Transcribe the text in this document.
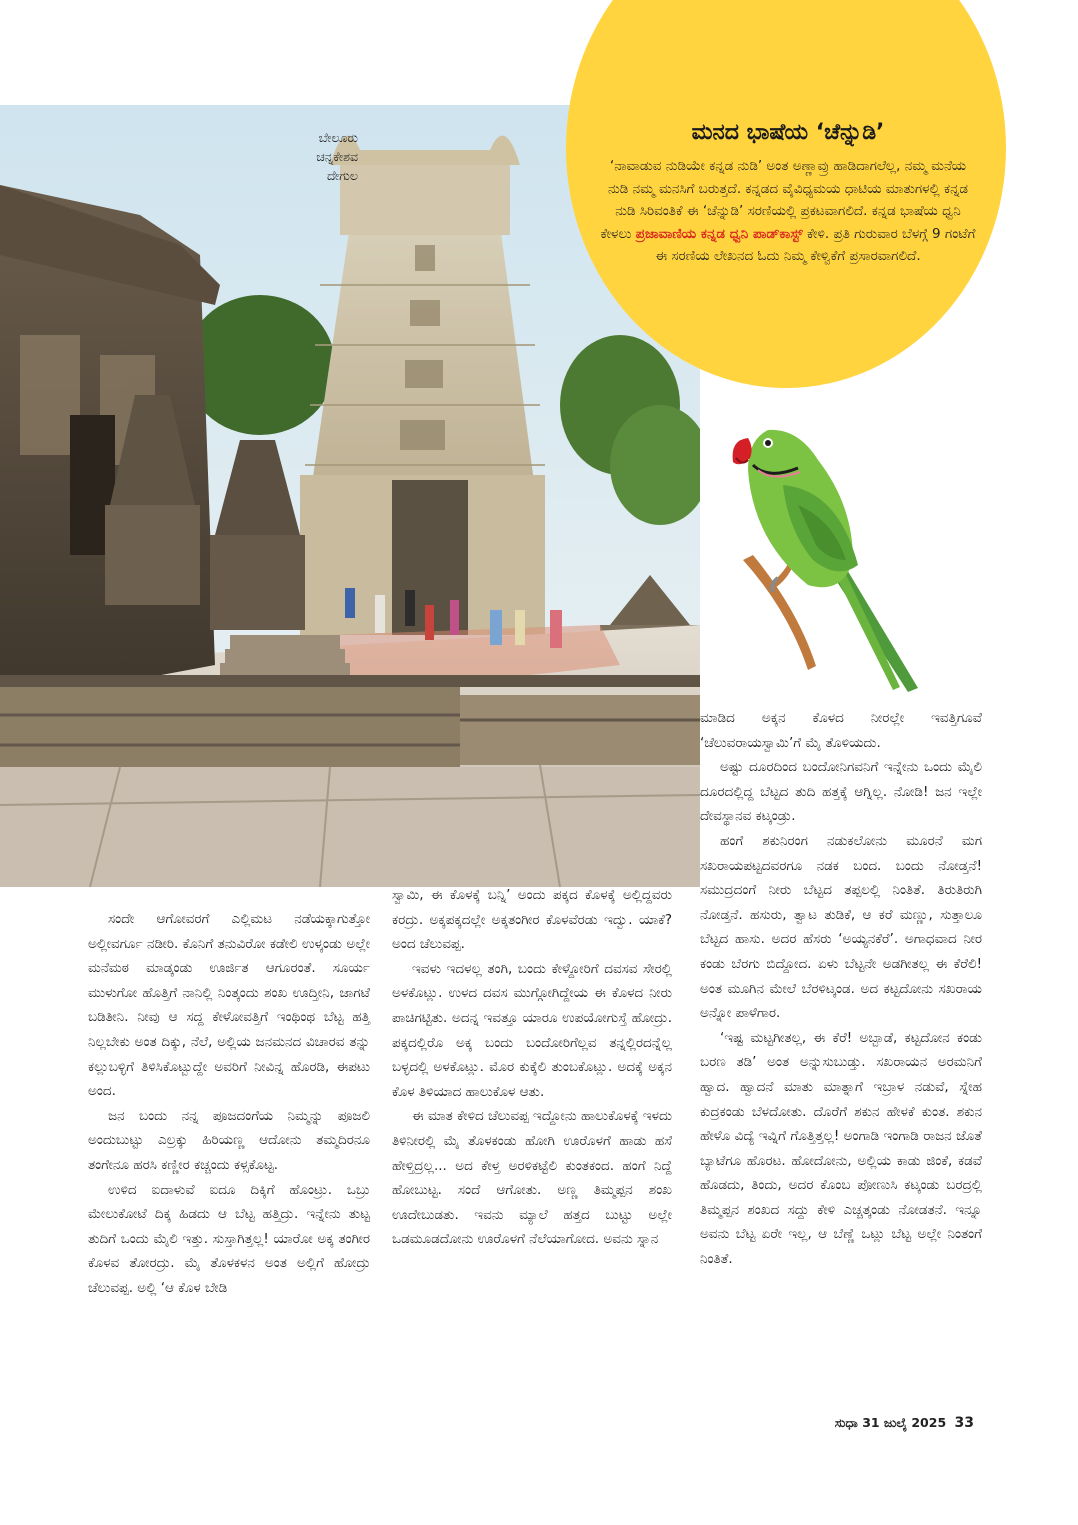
ಬೇಲೂರು
ಚನ್ನಕೇಶವ
ದೇಗುಲ
ಮನದ ಭಾಷೆಯ ‘ಚೆನ್ನುಡಿ’
‘ನಾವಾಡುವ ನುಡಿಯೇ ಕನ್ನಡ ನುಡಿ’ ಅಂತ ಅಣ್ಣಾವ್ರು ಹಾಡಿದಾಗಲೆಲ್ಲ, ನಮ್ಮ ಮನೆಯ ನುಡಿ ನಮ್ಮ ಮನಸಿಗೆ ಬರುತ್ತದೆ. ಕನ್ನಡದ ವೈವಿಧ್ಯಮಯ ಧಾಟಿಯ ಮಾತುಗಳಲ್ಲಿ ಕನ್ನಡ ನುಡಿ ಸಿರಿವಂತಿಕೆ ಈ ‘ಚೆನ್ನುಡಿ’ ಸರಣಿಯಲ್ಲಿ ಪ್ರಕಟವಾಗಲಿದೆ. ಕನ್ನಡ ಭಾಷೆಯ ಧ್ವನಿ ಕೇಳಲು ಪ್ರಜಾವಾಣಿಯ ಕನ್ನಡ ಧ್ವನಿ ಪಾಡ್‌ಕಾಸ್ಟ್ ಕೇಳಿ. ಪ್ರತಿ ಗುರುವಾರ ಬೆಳಗ್ಗೆ 9 ಗಂಟೆಗೆ ಈ ಸರಣಿಯ ಲೇಖನದ ಓದು ನಿಮ್ಮ ಕೇಳ್ವಿಕೆಗೆ ಪ್ರಸಾರವಾಗಲಿದೆ.

ಸಂದೇ ಆಗೋವರಗೆ ಎಲ್ಲಿಮಟ ನಡೆಯಕ್ಕಾಗುತ್ತೋ ಅಲ್ಲೀವರ್ಗೂ ನಡೀರಿ. ಕೊನಿಗೆ ತನುವಿರೋ ಕಡೇಲಿ ಉಳ್ಕಂಡು ಅಲ್ಲೇ ಮನೆಮಠ ಮಾಡ್ಕಂಡು ಊರ್ಜಿತ ಆಗೂರಂತೆ. ಸೂರ್ಯ ಮುಳುಗೋ ಹೊತ್ತಿಗೆ ನಾನಿಲ್ಲಿ ನಿಂತ್ಕಂದು ಶಂಖ ಊದ್ತೀನಿ, ಜಾಗಟೆ ಬಡಿತೀನಿ. ನೀವು ಆ ಸದ್ದ ಕೇಳೋವತ್ತಿಗೆ ಇಂಥಿಂಥ ಬೆಟ್ಟ ಹತ್ತಿ ನಿಲ್ಲಬೇಕು ಅಂತ ದಿಕ್ಕು, ನೆಲೆ, ಅಲ್ಲಿಯ ಜನಮನದ ವಿಚಾರವ ತನ್ನು ಕಲ್ಲುಬಳ್ಳಿಗೆ ತಿಳಿಸಿಕೊಟ್ಬುದ್ದೇ ಅವರಿಗೆ ನೀವಿನ್ನ ಹೊರಡಿ, ಈಪಟು ಅಂದ.

ಜನ ಬಂದು ನನ್ನ ಪೂಜದಂಗೆಯ ನಿಮ್ಮನ್ನು ಪೂಜಲಿ ಅಂದುಬುಟ್ಟು ಎಲ್ರಕ್ಕು ಹಿರಿಯಣ್ಣ ಆದೋನು ತಮ್ಮದಿರನೂ ತಂಗೇನೂ ಹರಸಿ ಕಣ್ಣೀರ ಕಚ್ಚಂದು ಕಳ್ಸಕೊಟ್ಟ.

ಉಳಿದ ಐದಾಳುವೆ ಐದೂ ದಿಕ್ಕಿಗೆ ಹೊಂಟ್ರು. ಒಬ್ರು ಮೇಲುಕೋಟೆ ದಿಕ್ಕ ಹಿಡದು ಆ ಬೆಟ್ಟ ಹತ್ತಿದ್ರು. ಇನ್ನೇನು ತುಟ್ಟ ತುದಿಗೆ ಒಂದು ಮೈಲಿ ಇತ್ತು. ಸುಸ್ತಾಗಿತ್ತಲ್ಲ! ಯಾರೋ ಅಕ್ಕ ತಂಗೀರ ಕೊಳವ ತೋರದ್ರು. ಮೈ ತೊಳಕಳನ ಅಂತ ಅಲ್ಲಿಗೆ ಹೋದ್ರು ಚೆಲುವಪ್ಪ. ಅಲ್ಲಿ ‘ಆ ಕೊಳ ಬೇಡಿ

ಸ್ವಾಮಿ, ಈ ಕೊಳಕ್ಕೆ ಬನ್ನಿ’ ಅಂದು ಪಕ್ಕದ ಕೊಳಕ್ಕೆ ಅಲ್ಲಿದ್ದವರು ಕರದ್ರು. ಅಕ್ಕಪಕ್ಕದಲ್ಲೇ ಅಕ್ಕತಂಗೀರ ಕೊಳವೆರಡು ಇದ್ವು. ಯಾಕೆ? ಅಂದ ಚೆಲುವಪ್ಪ.

ಇವಳು ಇದಳಲ್ಲ ತಂಗಿ, ಬಂದು ಕೇಳ್ದೋರಿಗೆ ದವಸವ ಸೇರಲ್ಲಿ ಅಳಕೊಟ್ಲು. ಉಳದ ದವಸ ಮುಗ್ಗೋಗಿದ್ದೇಯ ಈ ಕೊಳದ ನೀರು ಪಾಚಿಗಟ್ಟಿತು. ಅದನ್ನ ಇವತ್ತೂ ಯಾರೂ ಉಪಯೋಗುಸ್ತೆ ಹೋದ್ರು. ಪಕ್ಕದಲ್ಲಿರೊ ಅಕ್ಕ ಬಂದು ಬಂದೋರಿಗೆಲ್ಲವ ತನ್ನಲ್ಲಿರದನ್ನೆಲ್ಲ ಬಳ್ಳದಲ್ಲಿ ಅಳಕೊಟ್ಲು. ಮೊರ ಕುಕ್ಕೆಲಿ ತುಂಬಕೊಟ್ಲು. ಅದಕ್ಕೆ ಅಕ್ಕನ ಕೊಳ ತಿಳಿಯಾದ ಹಾಲುಕೊಳ ಆತು.

ಈ ಮಾತ ಕೇಳಿದ ಚೆಲುವಪ್ಪ ಇದ್ದೋನು ಹಾಲುಕೊಳಕ್ಕೆ ಇಳದು ತಿಳಿನೀರಲ್ಲಿ ಮೈ ತೊಳಕಂಡು ಹೋಗಿ ಊರೊಳಗೆ ಹಾಡು ಹಸೆ ಹೇಳ್ತಿದ್ರಲ್ಲ... ಅದ ಕೇಳ್ತ ಅರಳಿಕಟ್ಟೆಲಿ ಕುಂತಕಂದ. ಹಂಗೆ ನಿದ್ದೆ ಹೋಬುಟ್ಟ. ಸಂದೆ ಆಗೋತು. ಅಣ್ಣ ತಿಮ್ಮಪ್ಪನ ಶಂಖ ಊದೇಬುಡತು. ಇವನು ಮ್ಯಾಲೆ ಹತ್ತದ ಬುಟ್ಟು ಅಲ್ಲೇ ಒಡಮೂಡದೋನು ಊರೊಳಗೆ ನೆಲೆಯಾಗೋದ. ಅವನು ಸ್ನಾನ

ಮಾಡಿದ ಅಕ್ಕನ ಕೊಳದ ನೀರಲ್ಲೇ ಇವತ್ತಿಗೂವೆ ‘ಚೆಲುವರಾಯಸ್ವಾಮಿ’ಗೆ ಮೈ ತೊಳಿಯದು.

ಅಷ್ಟು ದೂರದಿಂದ ಬಂದೋನಿಗವನಿಗೆ ಇನ್ನೇನು ಒಂದು ಮೈಲಿ ದೂರದಲ್ಲಿದ್ದ ಬೆಟ್ಟದ ತುದಿ ಹತ್ತಕ್ಕೆ ಆಗ್ನಿಲ್ಲ. ನೋಡಿ! ಜನ ಇಲ್ಲೇ ದೇವಸ್ಥಾನವ ಕಟ್ಕಂಡ್ರು.

ಹಂಗೆ ಶಕುನಿರಂಗ ನಡುಕಲೋನು ಮೂರನೆ ಮಗ ಸಖರಾಯಪಟ್ಟದವರಗೂ ನಡಕ ಬಂದ. ಬಂದು ನೋಡ್ತನೆ! ಸಮುದ್ರದಂಗೆ ನೀರು ಬೆಟ್ಟದ ತಪ್ಪಲಲ್ಲಿ ನಿಂತಿತೆ. ತಿರುತಿರುಗಿ ನೋಡ್ತನೆ. ಹಸುರು, ತ್ವಾಟ ತುಡಿಕೆ, ಆ ಕರೆ ಮಣ್ಣು, ಸುತ್ತಾಲೂ ಬೆಟ್ಟದ ಹಾಸು. ಅದರ ಹೆಸರು ‘ಅಯ್ಯನಕೆರೆ’. ಅಗಾಧವಾದ ನೀರ ಕಂಡು ಬೆರಗು ಬಿದ್ದೋದ. ಏಳು ಬೆಟ್ಟನೇ ಅಡಗೀತಲ್ಲ ಈ ಕೆರೆಲಿ! ಅಂತ ಮೂಗಿನ ಮೇಲೆ ಬೆರಳಿಟ್ಕಂಡ. ಅದ ಕಟ್ಟದೋನು ಸಖರಾಯ ಅನ್ನೋ ಪಾಳೆಗಾರ.

‘ಇಷ್ಟ ಮಟ್ಟಗೀತಲ್ಲ, ಈ ಕೆರೆ! ಅಬ್ಬಾಡೆ, ಕಟ್ಟದೋನ ಕಂಡು ಬರಣ ತಡಿ’ ಅಂತ ಅನ್ನುಸುಬುಡ್ತು. ಸಖರಾಯನ ಅರಮನಿಗೆ ಹ್ವಾದ. ಹ್ವಾದನೆ ಮಾತು ಮಾತ್ನಾಗೆ ಇಬ್ರಾಳ ನಡುವೆ, ಸ್ನೇಹ ಕುದ್ರಕಂಡು ಬೆಳದೋತು. ದೊರೆಗೆ ಶಕುನ ಹೇಳಕೆ ಕುಂತ. ಶಕುನ ಹೇಳೊ ವಿದ್ಯೆ ಇವ್ನಿಗೆ ಗೊತ್ತಿತ್ತಲ್ಲ! ಅಂಗಾಡಿ ಇಂಗಾಡಿ ರಾಜನ ಜೊತೆ ಬ್ಯಾಟೆಗೂ ಹೊರಟ. ಹೋದೋನು, ಅಲ್ಲಿಯ ಕಾಡು ಜಿಂಕೆ, ಕಡವೆ ಹೊಡದು, ತಿಂದು, ಅದರ ಕೊಂಬ ಪೋಣುಸಿ ಕಟ್ಕಂಡು ಬರದ್ರಲ್ಲಿ ತಿಮ್ಮಪ್ಪನ ಶಂಖದ ಸದ್ದು ಕೇಳಿ ಎಚ್ಚತ್ಕಂಡು ನೋಡತನೆ. ಇನ್ನೂ ಅವನು ಬೆಟ್ಟ ಏರೇ ಇಲ್ಲ, ಆ ಬೆಣ್ಣೆ ಒಟ್ಲು ಬೆಟ್ಟ ಅಲ್ಲೇ ನಿಂತಂಗೆ ನಿಂತಿತೆ.

ಸುಧಾ 31 ಜುಲೈ 2025 33
